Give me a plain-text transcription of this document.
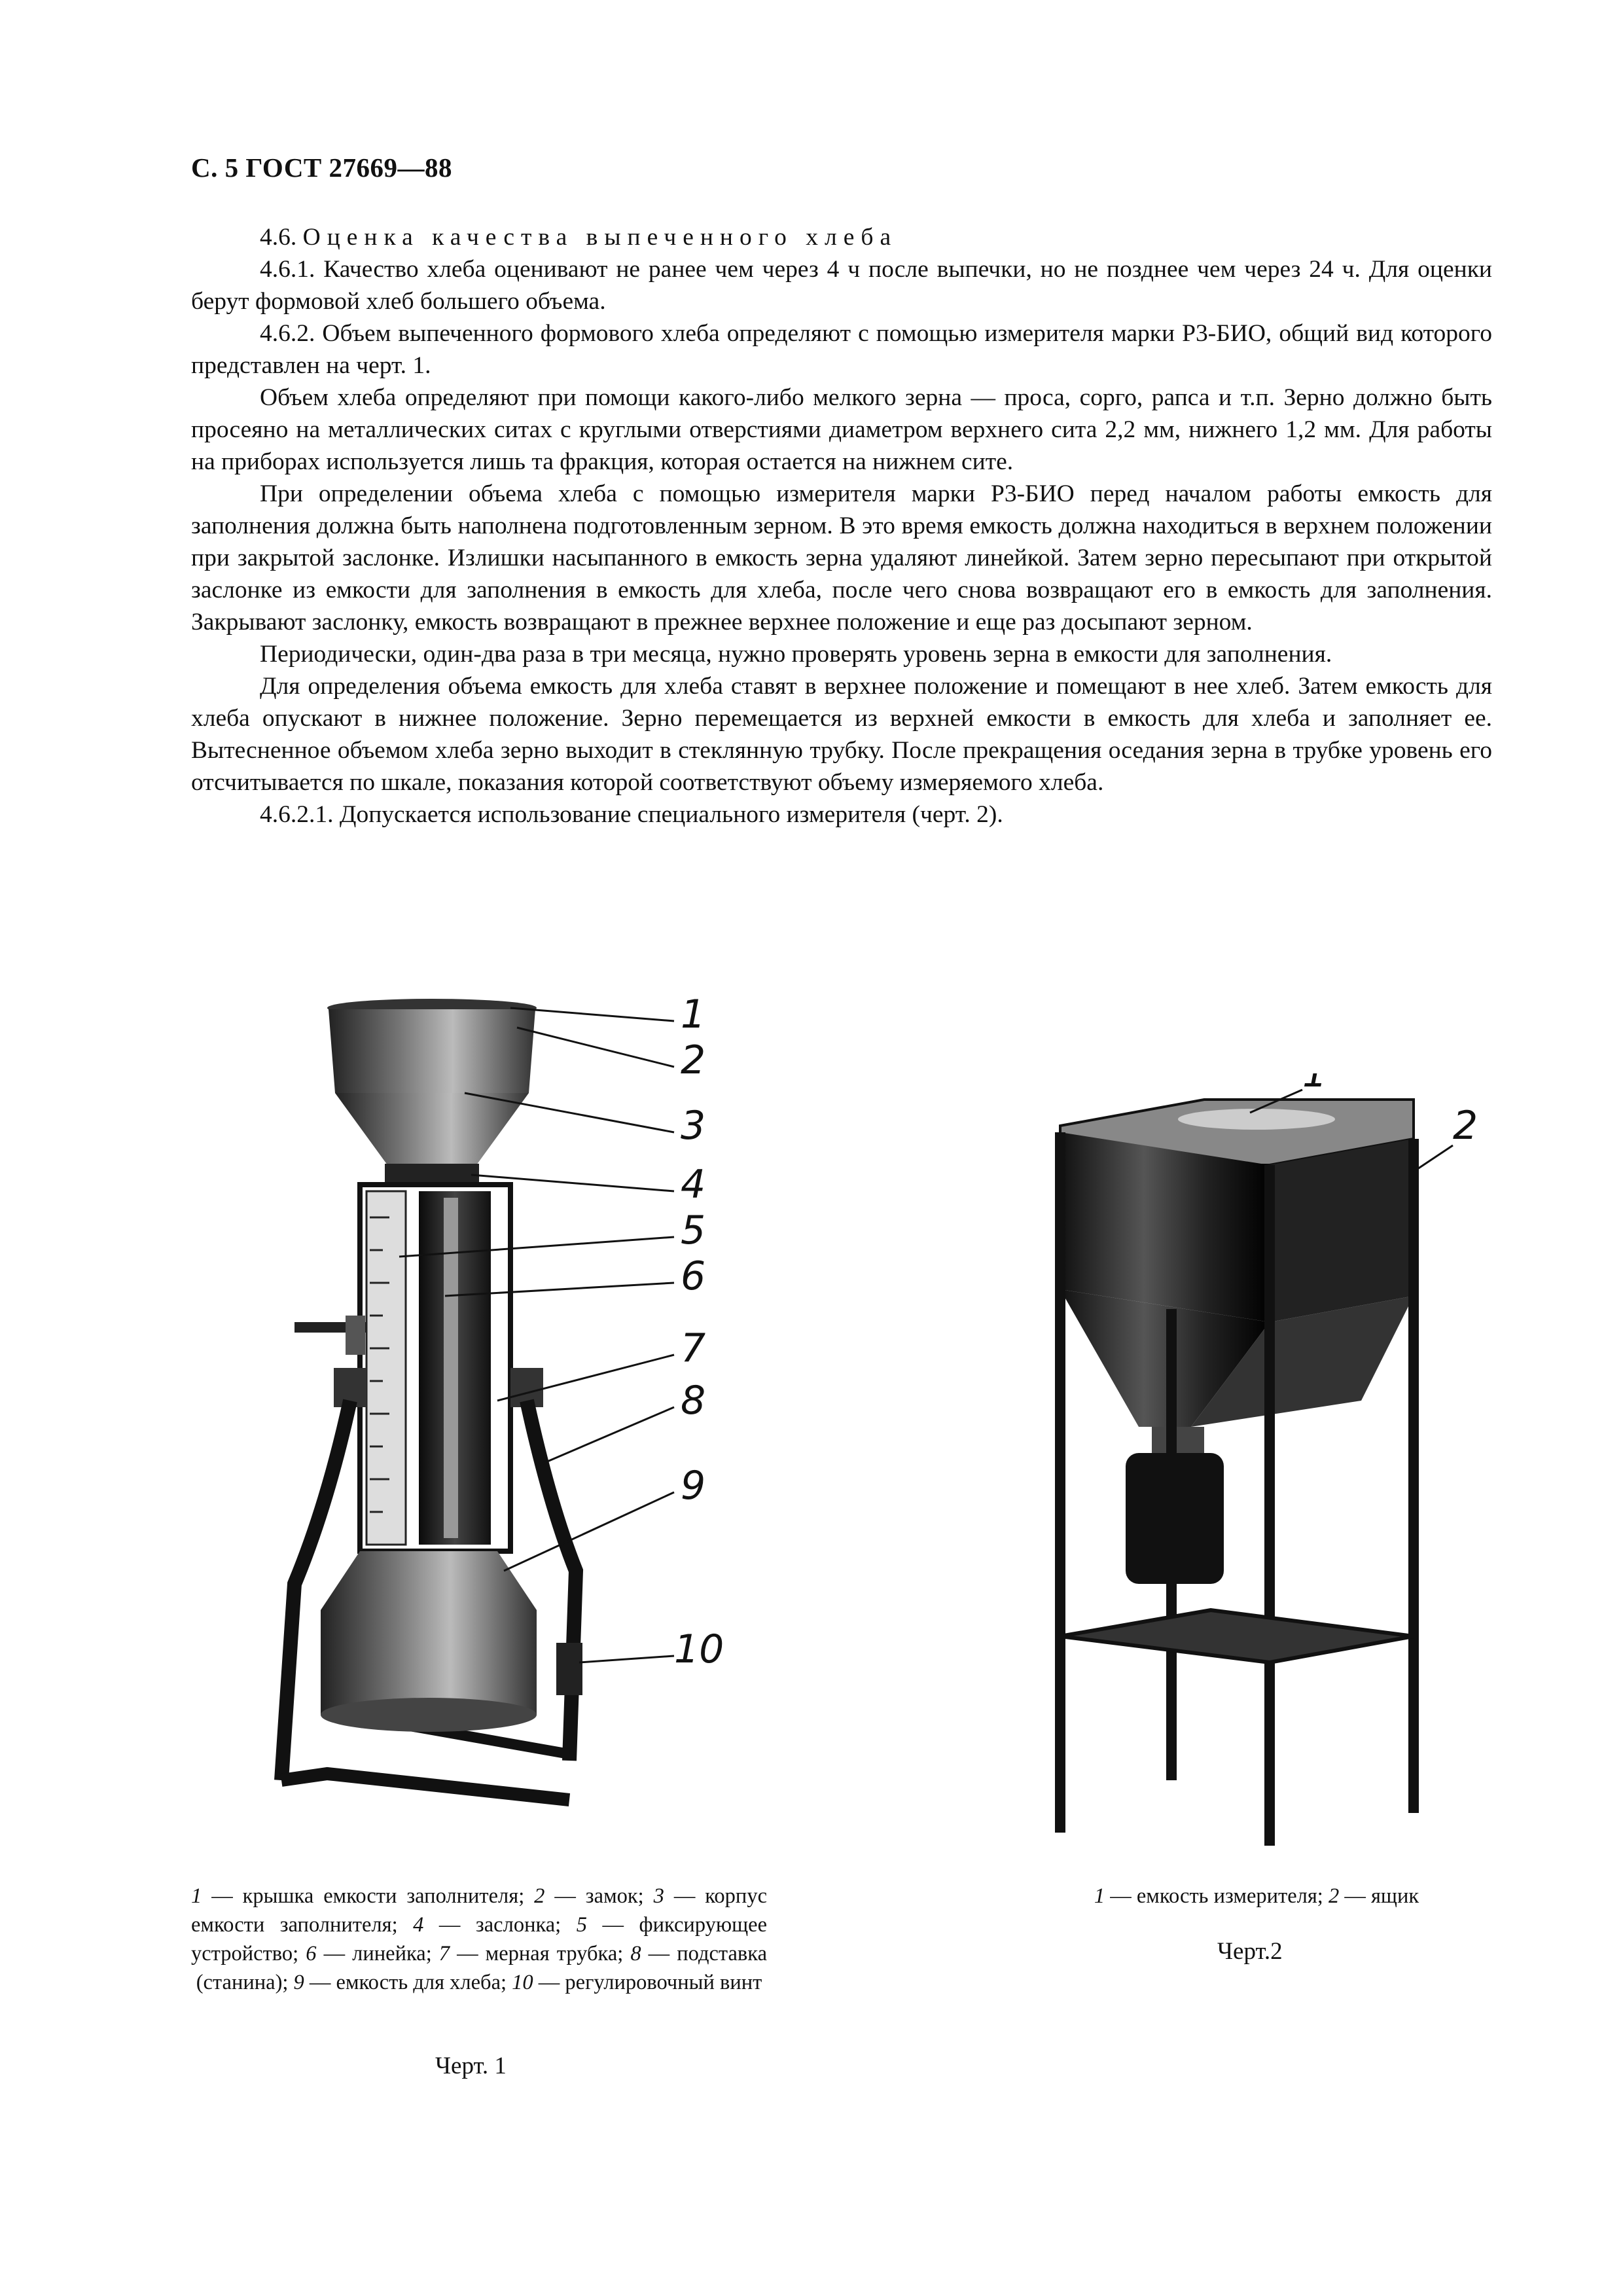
С. 5 ГОСТ 27669—88

4.6. Оценка качества выпеченного хлеба

4.6.1. Качество хлеба оценивают не ранее чем через 4 ч после выпечки, но не позднее чем через 24 ч. Для оценки берут формовой хлеб большего объема.

4.6.2. Объем выпеченного формового хлеба определяют с помощью измерителя марки Р3-БИО, общий вид которого представлен на черт. 1.

Объем хлеба определяют при помощи какого-либо мелкого зерна — проса, сорго, рапса и т.п. Зерно должно быть просеяно на металлических ситах с круглыми отверстиями диаметром верхнего сита 2,2 мм, нижнего 1,2 мм. Для работы на приборах используется лишь та фракция, которая остается на нижнем сите.

При определении объема хлеба с помощью измерителя марки Р3-БИО перед началом работы емкость для заполнения должна быть наполнена подготовленным зерном. В это время емкость должна находиться в верхнем положении при закрытой заслонке. Излишки насыпанного в емкость зерна удаляют линейкой. Затем зерно пересыпают при открытой заслонке из емкости для заполнения в емкость для хлеба, после чего снова возвращают его в емкость для заполнения. Закрывают заслонку, емкость возвращают в прежнее верхнее положение и еще раз досыпают зерном.

Периодически, один-два раза в три месяца, нужно проверять уровень зерна в емкости для заполнения.

Для определения объема емкость для хлеба ставят в верхнее положение и помещают в нее хлеб. Затем емкость для хлеба опускают в нижнее положение. Зерно перемещается из верхней емкости в емкость для хлеба и заполняет ее. Вытесненное объемом хлеба зерно выходит в стеклянную трубку. После прекращения оседания зерна в трубке уровень его отсчитывается по шкале, показания которой соответствуют объему измеряемого хлеба.

4.6.2.1. Допускается использование специального измерителя (черт. 2).

1
2
3
4
5
6
7
8
9
10
1
2
1 — крышка емкости заполнителя; 2 — замок; 3 — корпус емкости заполнителя; 4 — заслонка; 5 — фиксирующее устройство; 6 — линейка; 7 — мерная трубка; 8 — подставка (станина); 9 — емкость для хлеба; 10 — регулировочный винт
1 — емкость измерителя; 2 — ящик
Черт. 1
Черт.2
